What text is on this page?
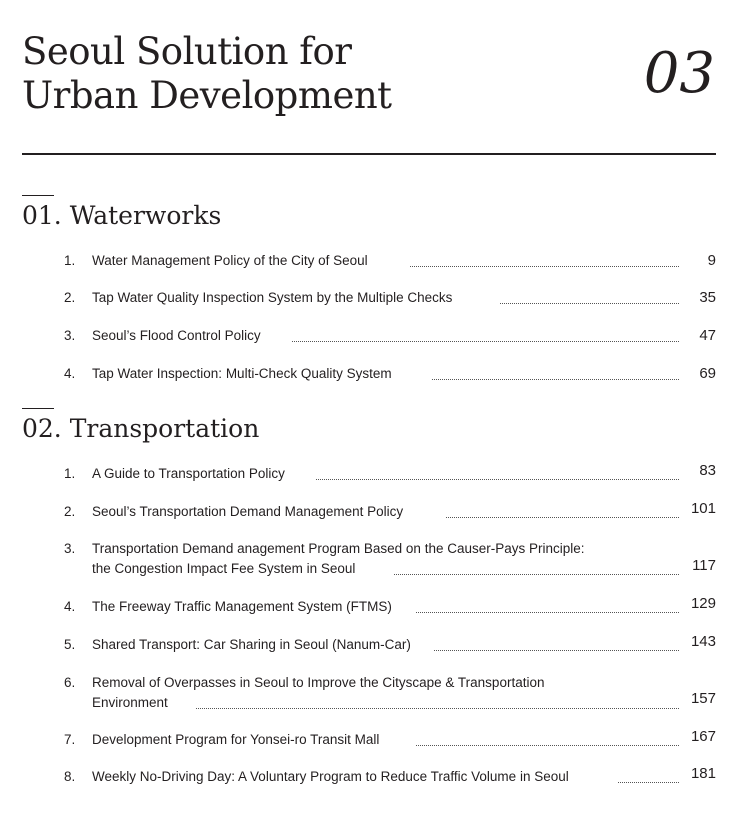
Seoul Solution for
Urban Development	03
01. Waterworks
1. Water Management Policy of the City of Seoul	9
2. Tap Water Quality Inspection System by the Multiple Checks	35
3. Seoul’s Flood Control Policy	47
4. Tap Water Inspection: Multi-Check Quality System	69
02. Transportation
1. A Guide to Transportation Policy	83
2. Seoul’s Transportation Demand Management Policy	101
3. Transportation Demand anagement Program Based on the Causer-Pays Principle:
the Congestion Impact Fee System in Seoul	117
4. The Freeway Traffic Management System (FTMS)	129
5. Shared Transport: Car Sharing in Seoul (Nanum-Car)	143
6. Removal of Overpasses in Seoul to Improve the Cityscape & Transportation
Environment	157
7. Development Program for Yonsei-ro Transit Mall	167
8. Weekly No-Driving Day: A Voluntary Program to Reduce Traffic Volume in Seoul	181
